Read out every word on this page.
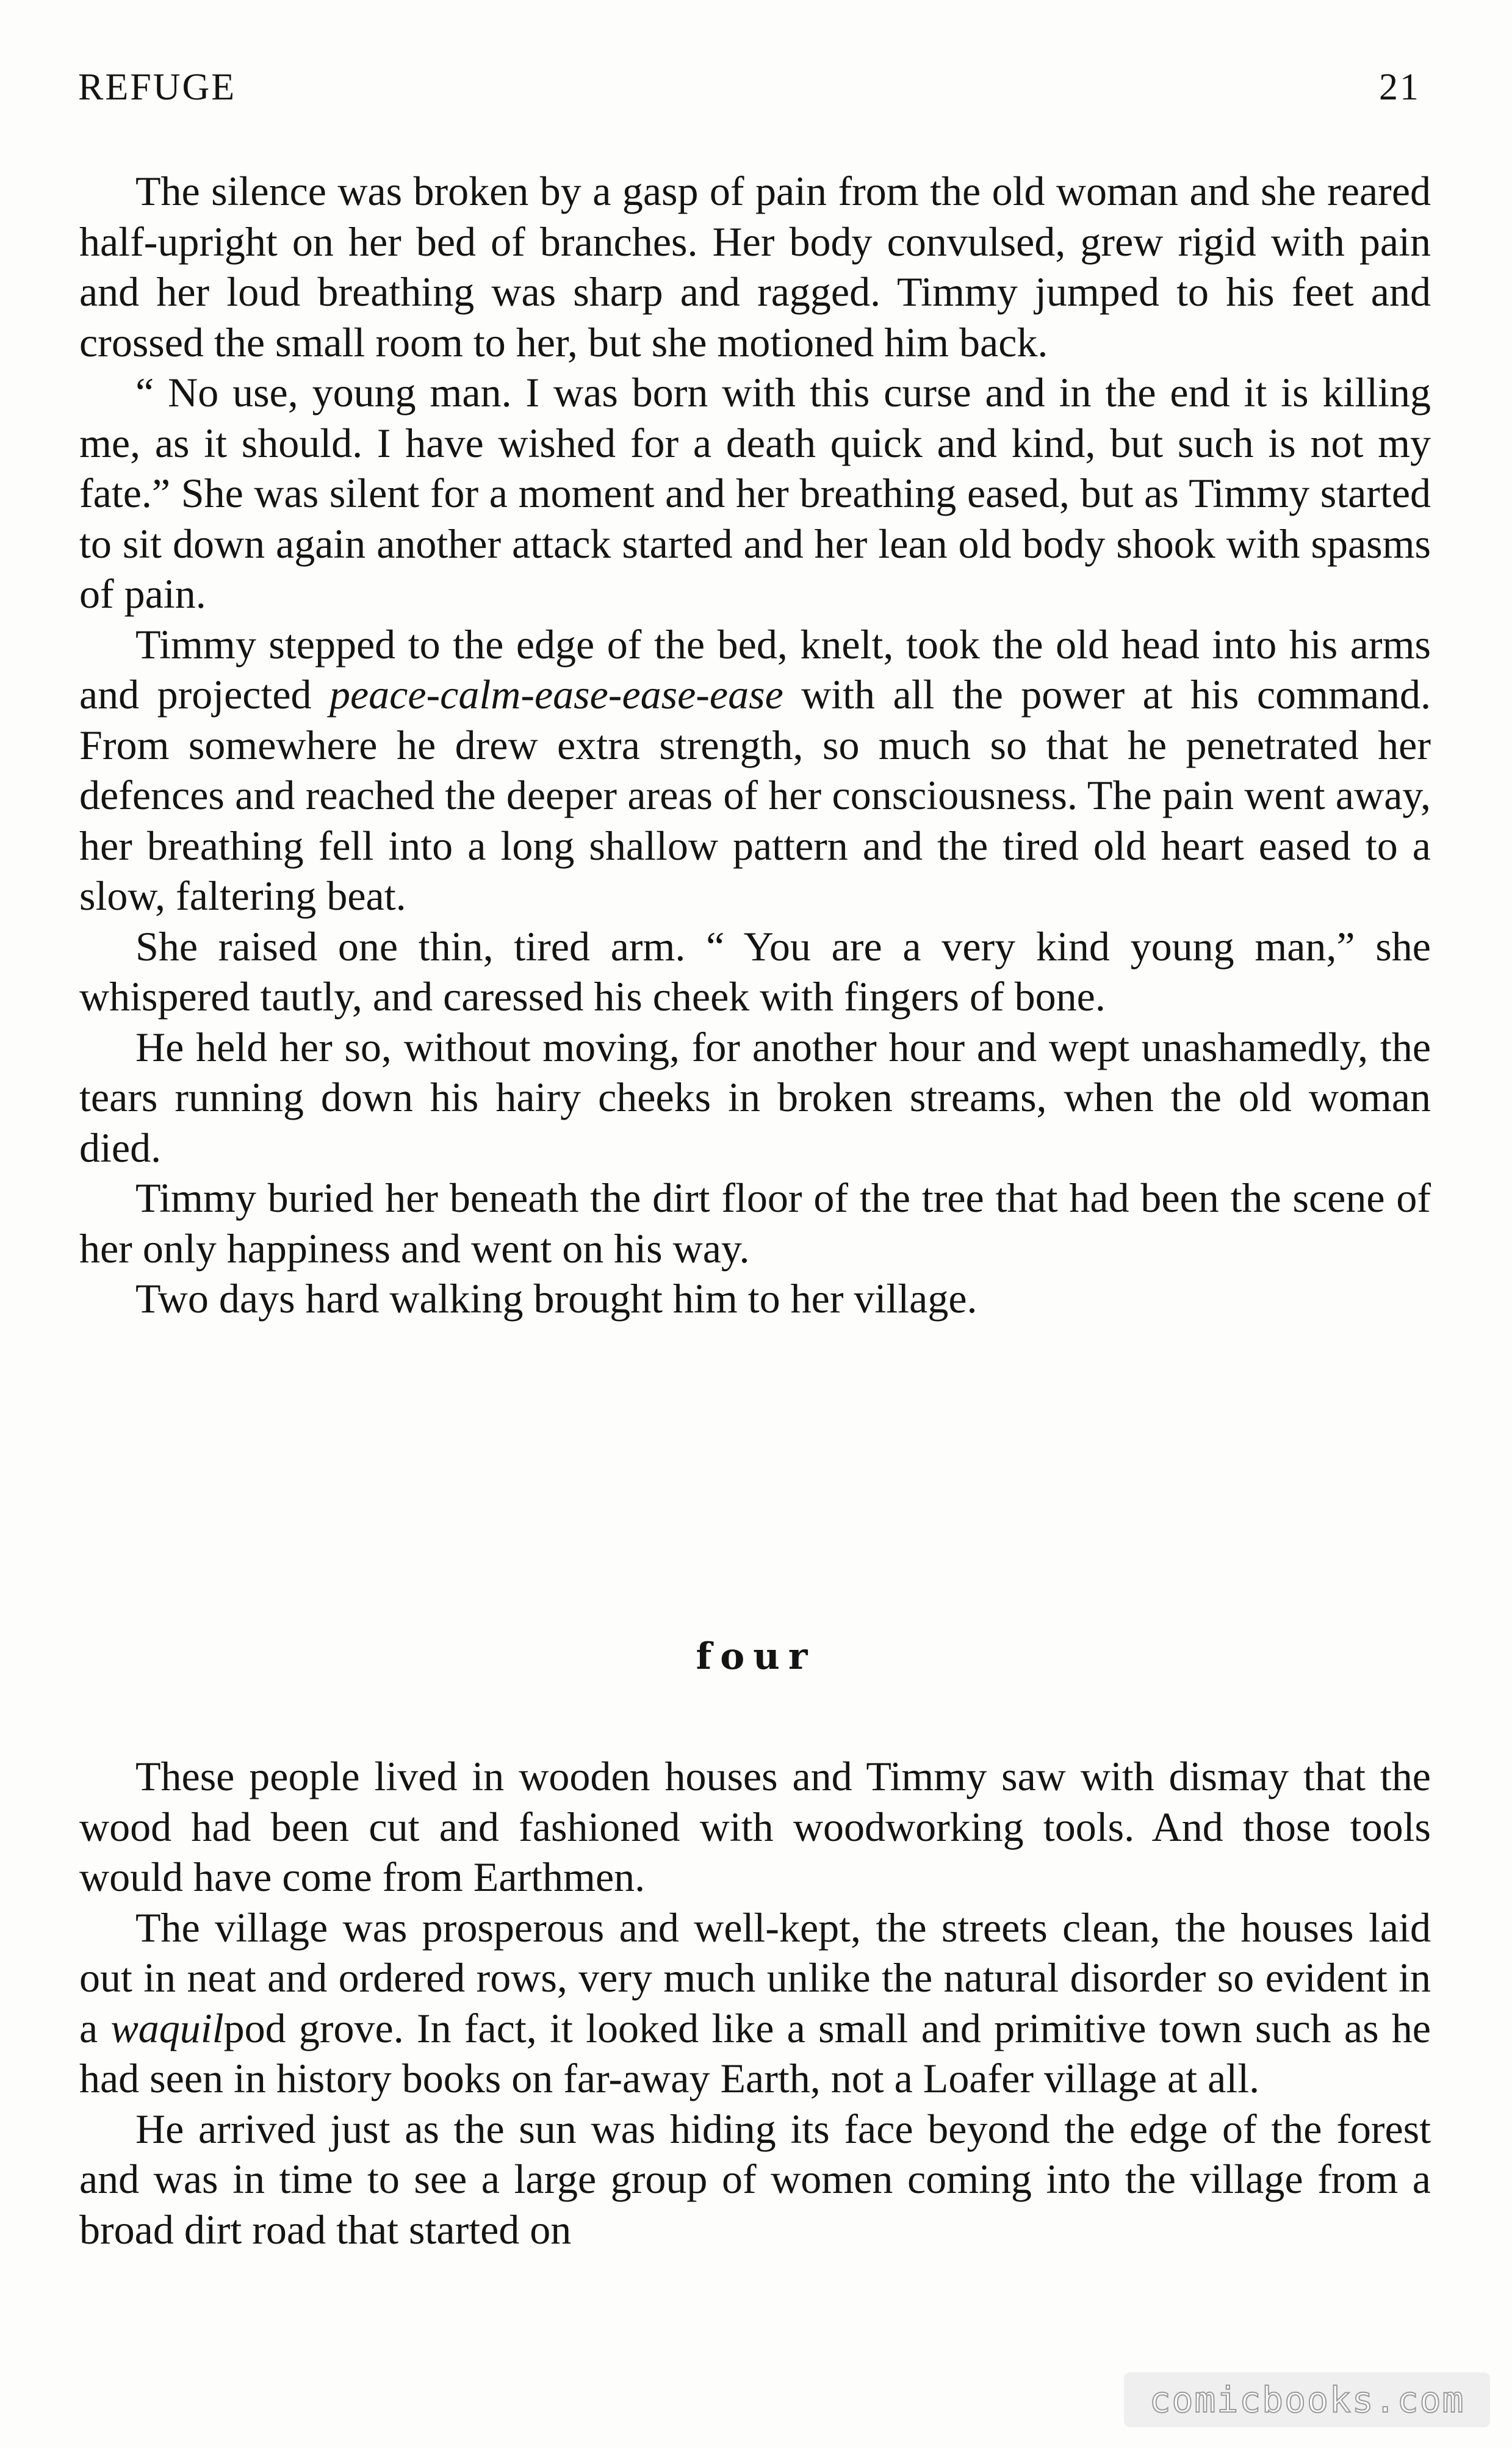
REFUGE	21

The silence was broken by a gasp of pain from the old woman and she reared half-upright on her bed of branches. Her body convulsed, grew rigid with pain and her loud breathing was sharp and ragged. Timmy jumped to his feet and crossed the small room to her, but she motioned him back.

“ No use, young man. I was born with this curse and in the end it is killing me, as it should. I have wished for a death quick and kind, but such is not my fate.” She was silent for a moment and her breathing eased, but as Timmy started to sit down again another attack started and her lean old body shook with spasms of pain.

Timmy stepped to the edge of the bed, knelt, took the old head into his arms and projected peace-calm-ease-ease-ease with all the power at his command. From somewhere he drew extra strength, so much so that he penetrated her defences and reached the deeper areas of her consciousness. The pain went away, her breathing fell into a long shallow pattern and the tired old heart eased to a slow, faltering beat.

She raised one thin, tired arm. “ You are a very kind young man,” she whispered tautly, and caressed his cheek with fingers of bone.

He held her so, without moving, for another hour and wept unashamedly, the tears running down his hairy cheeks in broken streams, when the old woman died.

Timmy buried her beneath the dirt floor of the tree that had been the scene of her only happiness and went on his way.

Two days hard walking brought him to her village.

four

These people lived in wooden houses and Timmy saw with dismay that the wood had been cut and fashioned with woodworking tools. And those tools would have come from Earthmen.

The village was prosperous and well-kept, the streets clean, the houses laid out in neat and ordered rows, very much unlike the natural disorder so evident in a waquilpod grove. In fact, it looked like a small and primitive town such as he had seen in history books on far-away Earth, not a Loafer village at all.

He arrived just as the sun was hiding its face beyond the edge of the forest and was in time to see a large group of women coming into the village from a broad dirt road that started on

comicbooks.com
